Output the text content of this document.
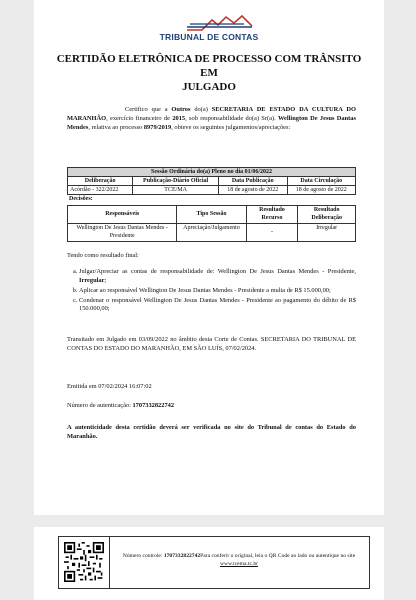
TRIBUNAL DE CONTAS
CERTIDÃO ELETRÔNICA DE PROCESSO COM TRÂNSITO EM
JULGADO
Certifico que a Outros do(a) SECRETARIA DE ESTADO DA CULTURA DO MARANHÃO, exercício financeiro de 2015, sob responsabilidade do(a) Sr(a). Wellington De Jesus Dantas Mendes, relativa ao processo 8979/2019, obteve os seguintes julgamentos/apreciações:
Sessão Ordinária do(a) Pleno no dia 01/06/2022			
Deliberação	Publicação-Diário Oficial	Data Publicação	Data Circulação
Acórdão - 322/2022	TCE/MA	18 de agosto de 2022	18 de agosto de 2022
Decisões:
Responsáveis	Tipo Sessão	Resultado Recurso	Resultado Deliberação
Wellington De Jesus Dantas Mendes - Presidente	Apreciação/Julgamento	-	Irregular
Tendo como resultado final:
a. Julgar/Apreciar as contas de responsabilidade de: Wellington De Jesus Dantas Mendes - Presidente, Irregular;
b. Aplicar ao responsável Wellington De Jesus Dantas Mendes - Presidente a multa de R$ 15.000,00;
c. Condenar o responsável Wellington De Jesus Dantas Mendes - Presidente ao pagamento do débito de R$ 150.000,00;
Transitado em Julgado em 03/09/2022 no âmbito desta Corte de Contas. SECRETARIA DO TRIBUNAL DE CONTAS DO ESTADO DO MARANHÃO, EM SÃO LUÍS, 07/02/2024.
Emitida em 07/02/2024 16:07:02
Número de autenticação: 1707332822742
A autenticidade desta certidão deverá ser verificada no site do Tribunal de contas do Estado do Maranhão.
Número controle: 1707332822742Para conferir o original, leia o QR Code ao lado ou autentique no site www.tcema.tc.br
